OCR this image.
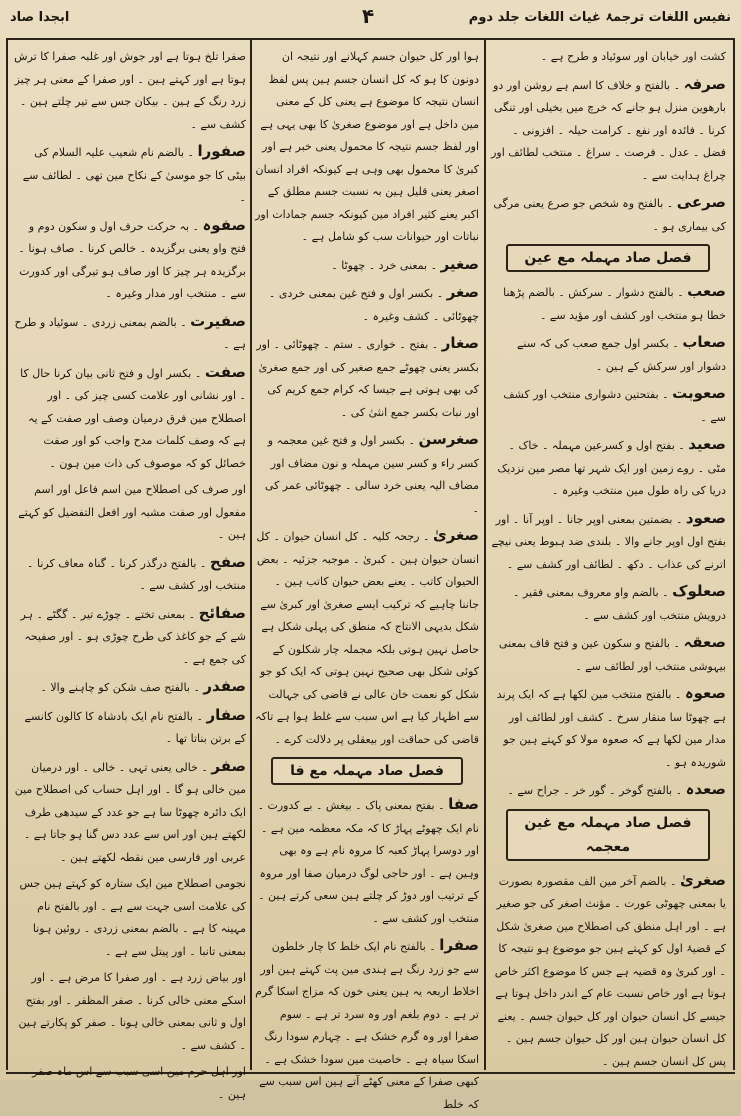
نفیس اللغات ترجمۂ غیاث اللغات جلد دوم
۴
ابجدا صاد
کشت اور خیابان اور سوئیاد و طرح ہے ۔
صرفہ ۔ بالفتح و خلاف کا اسم ہے روشن اور دو بارھوین منزل ہو جانے کہ خرچ میں بخیلی اور تنگی کرنا ۔ فائدہ اور نفع ۔ کرامت حیلہ ۔ افزونی ۔ فضل ۔ عدل ۔ فرصت ۔ سراغ ۔ منتخب لطائف اور چراغ ہدایت سے ۔
صرعی ۔ بالفتح وہ شخص جو صرع یعنی مرگی کی بیماری ہو ۔
فصل صاد مہملہ مع عین
صعب ۔ بالفتح دشوار ۔ سرکش ۔ بالضم پڑھنا خطا ہو منتخب اور کشف اور مؤید سے ۔
صعاب ۔ بکسر اول جمع صعب کی کہ سنے دشوار اور سرکش کے ہین ۔
صعوبت ۔ بفتحتین دشواری منتخب اور کشف سے ۔
صعید ۔ بفتح اول و کسرعین مہملہ ۔ خاک ۔ مٹی ۔ روے زمین اور ایک شہر تھا مصر مین نزدیک دریا کی راہ طول مین منتخب وغیرہ ۔
صعود ۔ بضمتین بمعنی اوپر جانا ۔ اوپر آنا ۔ اور بفتح اول اوپر جانے والا ۔ بلندی ضد ہبوط یعنی نیچے اترنے کی عذاب ۔ دکھ ۔ لطائف اور کشف سے ۔
صعلوک ۔ بالضم واو معروف بمعنی فقیر ۔ درویش منتخب اور کشف سے ۔
صعقہ ۔ بالفتح و سکون عین و فتح قاف بمعنی بیہوشی منتخب اور لطائف سے ۔
صعوہ ۔ بالفتح منتخب مین لکھا ہے کہ ایک پرند ہے چھوٹا سا منقار سرخ ۔ کشف اور لطائف اور مدار مین لکھا ہے کہ صعوہ مولا کو کہتے ہین جو شوریدہ ہو ۔
صعدہ ۔ بالفتح گوخر ۔ گور خر ۔ جراح سے ۔
فصل صاد مہملہ مع غین معجمہ
صغریٰ ۔ بالضم آخر مین الف مقصورہ بصورت یا بمعنی چھوٹی عورت ۔ مؤنث اصغر کی جو صغیر ہے ۔ اور اہل منطق کی اصطلاح مین صغریٰ شکل کے قضیۂ اول کو کہتے ہین جو موضوع ہو نتیجہ کا ۔ اور کبریٰ وہ قضیہ ہے جس کا موضوع اکثر خاص ہوتا ہے اور خاص نسبت عام کے اندر داخل ہوتا ہے جیسے کل انسان حیوان اور کل حیوان جسم ۔ یعنے کل انسان حیوان ہین اور کل حیوان جسم ہین ۔ پس کل انسان جسم ہین ۔
ہوا اور کل حیوان جسم کہلانے اور نتیجہ ان دونون کا ہو کہ کل انسان جسم ہین پس لفظ انسان نتیجہ کا موضوع ہے یعنی کل کے معنی مین داخل ہے اور موضوع صغریٰ کا بھی یہی ہے اور لفظ جسم نتیجہ کا محمول یعنی خبر ہے اور کبریٰ کا محمول بھی وہی ہے کیونکہ افراد انسان اصغر یعنی قلیل ہین بہ نسبت جسم مطلق کے اکبر یعنے کثیر افراد مین کیونکہ جسم جمادات اور نباتات اور حیوانات سب کو شامل ہے ۔
صغیر ۔ بمعنی خرد ۔ چھوٹا ۔
صغر ۔ بکسر اول و فتح غین بمعنی خردی ۔ چھوٹائی ۔ کشف وغیرہ ۔
صغار ۔ بفتح ۔ خواری ۔ ستم ۔ چھوٹائی ۔ اور بکسر یعنی چھوٹے جمع صغیر کی اور جمع صغریٰ کی بھی ہوتی ہے جیسا کہ کرام جمع کریم کی اور نبات بکسر جمع انثیٰ کی ۔
صغرسن ۔ بکسر اول و فتح غین معجمہ و کسر راء و کسر سین مہملہ و نون مضاف اور مضاف الیہ یعنی خرد سالی ۔ چھوٹائی عمر کی ۔
صغریٰ ۔ رجحہ کلیہ ۔ کل انسان حیوان ۔ کل انسان حیوان ہین ۔ کبریٰ ۔ موجبہ جزئیہ ۔ بعض الحیوان کاتب ۔ یعنے بعض حیوان کاتب ہین ۔ جاننا چاہیے کہ ترکیب ایسے صغریٰ اور کبریٰ سے شکل بدیہی الانتاج کہ منطق کی پہلی شکل ہے حاصل نہین ہوتی بلکہ مجملہ چار شکلون کے کوئی شکل بھی صحیح نہین ہوتی کہ ایک کو جو شکل کو نعمت خان عالی نے قاضی کی جہالت سے اظہار کیا ہے اس سبب سے غلط ہوا ہے تاکہ قاضی کی حماقت اور بیعقلی پر دلالت کرے ۔
فصل صاد مہملہ مع فا
صفا ۔ بفتح بمعنی پاک ۔ بیغش ۔ بے کدورت ۔ نام ایک چھوٹے پہاڑ کا کہ مکہ معظمہ مین ہے ۔ اور دوسرا پہاڑ کعبہ کا مروہ نام ہے وہ بھی وہین ہے ۔ اور حاجی لوگ درمیان صفا اور مروہ کے ترتیب اور دوڑ کر چلتے ہین سعی کرتے ہین ۔ منتخب اور کشف سے ۔
صفرا ۔ بالفتح نام ایک خلط کا چار خلطون سے جو زرد رنگ ہے ہندی مین پت کہتے ہین اور اخلاط اربعہ یہ ہین یعنی خون کہ مزاج اسکا گرم تر ہے ۔ دوم بلغم اور وہ سرد تر ہے ۔ سوم صفرا اور وہ گرم خشک ہے ۔ چہارم سودا رنگ اسکا سیاہ ہے ۔ خاصیت مین سودا خشک ہے ۔ کبھی صفرا کے معنی کھٹے آتے ہین اس سبب سے کہ خلط
صفرا تلخ ہوتا ہے اور جوش اور غلبہ صفرا کا ترش ہوتا ہے اور کہتے ہین ۔ اور صفرا کے معنی ہر چیز زرد رنگ کے ہین ۔ بیکان جس سے تیر چلتے ہین ۔ کشف سے ۔
صفورا ۔ بالضم نام شعیب علیہ السلام کی بیٹی کا جو موسیٰ کے نکاح مین تھی ۔ لطائف سے ۔
صفوہ ۔ بہ حرکت حرف اول و سکون دوم و فتح واو یعنی برگزیدہ ۔ خالص کرنا ۔ صاف ہونا ۔ برگزیدہ ہر چیز کا اور صاف ہو تیرگی اور کدورت سے ۔ منتخب اور مدار وغیرہ ۔
صفیرت ۔ بالضم بمعنی زردی ۔ سوئیاد و طرح ہے ۔
صفت ۔ بکسر اول و فتح ثانی بیان کرنا حال کا ۔ اور نشانی اور علامت کسی چیز کی ۔ اور اصطلاح مین فرق درمیان وصف اور صفت کے یہ ہے کہ وصف کلمات مدح واجب کو اور صفت خصائل کو کہ موصوف کی ذات مین ہون ۔
اور صرف کی اصطلاح مین اسم فاعل اور اسم مفعول اور صفت مشبہ اور افعل التفضیل کو کہتے ہین ۔
صفح ۔ بالفتح درگذر کرنا ۔ گناہ معاف کرنا ۔ منتخب اور کشف سے ۔
صفائح ۔ بمعنی تختے ۔ چوڑے تیر ۔ گگٹے ۔ ہر شے کے جو کاغذ کی طرح چوڑی ہو ۔ اور صفیحہ کی جمع ہے ۔
صفدر ۔ بالفتح صف شکن کو چاہنے والا ۔
صفار ۔ بالفتح نام ایک بادشاہ کا کالون کانسے کے برتن بناتا تھا ۔
صفر ۔ خالی یعنی تہی ۔ خالی ۔ اور درمیان مین خالی ہو گا ۔ اور اہل حساب کی اصطلاح مین ایک دائرہ چھوٹا سا ہے جو عدد کے سیدھی طرف لکھتے ہین اور اس سے عدد دس گنا ہو جاتا ہے ۔ عربی اور فارسی مین نقطہ لکھتے ہین ۔
نجومی اصطلاح مین ایک ستارہ کو کہتے ہین جس کی علامت اسی جہت سے ہے ۔ اور بالفتح نام مہینہ کا ہے ۔ بالضم بمعنی زردی ۔ روئین ہونا بمعنی تانبا ۔ اور پیتل سے ہے ۔
اور بیاض زرد ہے ۔ اور صفرا کا مرض ہے ۔ اور اسکے معنی خالی کرنا ۔ صفر المظفر ۔ اور بفتح اول و ثانی بمعنی خالی ہونا ۔ صفر کو پکارتے ہین ۔ کشف سے ۔
اور اہل حرم مین اسی سبب سے اس ماہ صفر ہین ۔
